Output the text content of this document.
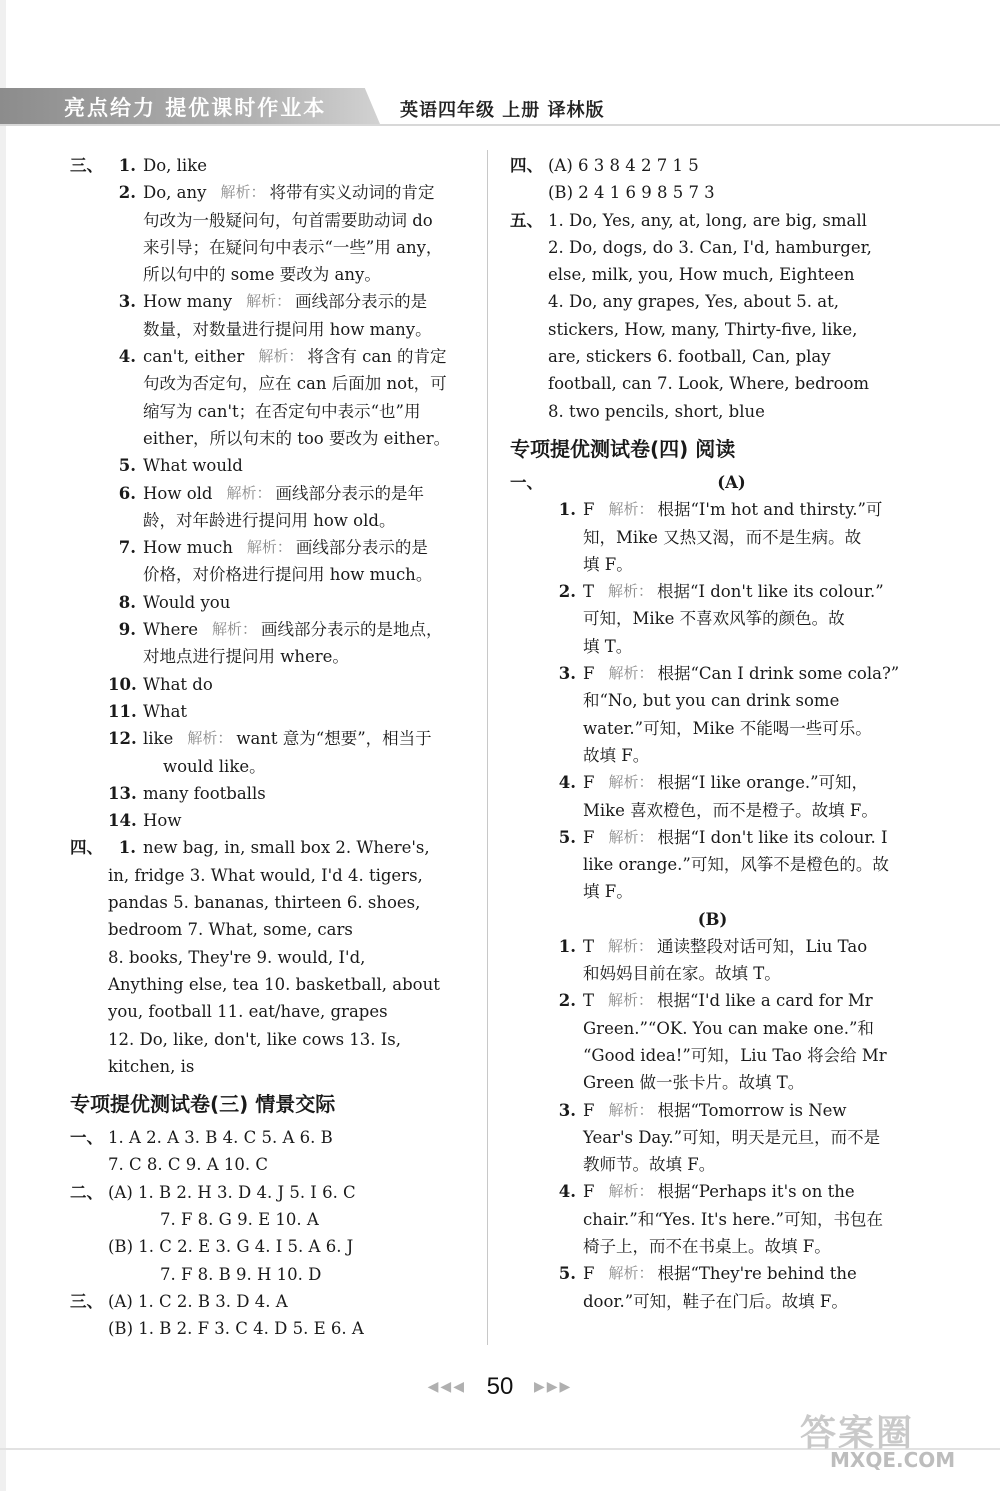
亮点给力 提优课时作业本	英语四年级 上册 译林版
三、 1. Do, like
2. Do, any 解析： 将带有实义动词的肯定
句改为一般疑问句，句首需要助动词 do
来引导；在疑问句中表示“一些”用 any，
所以句中的 some 要改为 any。
3. How many 解析： 画线部分表示的是
数量，对数量进行提问用 how many。
4. can't, either 解析： 将含有 can 的肯定
句改为否定句，应在 can 后面加 not，可
缩写为 can't；在否定句中表示“也”用
either，所以句末的 too 要改为 either。
5. What would
6. How old 解析： 画线部分表示的是年
龄，对年龄进行提问用 how old。
7. How much 解析： 画线部分表示的是
价格，对价格进行提问用 how much。
8. Would you
9. Where 解析： 画线部分表示的是地点，
对地点进行提问用 where。
10. What do
11. What
12. like 解析： want 意为“想要”，相当于
would like。
13. many footballs
14. How
四、 1. new bag, in, small box 2. Where's,
in, fridge 3. What would, I'd 4. tigers,
pandas 5. bananas, thirteen 6. shoes,
bedroom 7. What, some, cars
8. books, They're 9. would, I'd,
Anything else, tea 10. basketball, about
you, football 11. eat/have, grapes
12. Do, like, don't, like cows 13. Is,
kitchen, is
专项提优测试卷(三) 情景交际
一、 1. A 2. A 3. B 4. C 5. A 6. B
7. C 8. C 9. A 10. C
二、 (A) 1. B 2. H 3. D 4. J 5. I 6. C
7. F 8. G 9. E 10. A
(B) 1. C 2. E 3. G 4. I 5. A 6. J
7. F 8. B 9. H 10. D
三、 (A) 1. C 2. B 3. D 4. A
(B) 1. B 2. F 3. C 4. D 5. E 6. A
四、 (A) 6 3 8 4 2 7 1 5
(B) 2 4 1 6 9 8 5 7 3
五、 1. Do, Yes, any, at, long, are big, small
2. Do, dogs, do 3. Can, I'd, hamburger,
else, milk, you, How much, Eighteen
4. Do, any grapes, Yes, about 5. at,
stickers, How, many, Thirty-five, like,
are, stickers 6. football, Can, play
football, can 7. Look, Where, bedroom
8. two pencils, short, blue
专项提优测试卷(四) 阅读
一、	(A)
1. F 解析： 根据“I'm hot and thirsty.”可
知，Mike 又热又渴，而不是生病。故
填 F。
2. T 解析： 根据“I don't like its colour.”
可知，Mike 不喜欢风筝的颜色。故
填 T。
3. F 解析： 根据“Can I drink some cola?”
和“No, but you can drink some
water.”可知，Mike 不能喝一些可乐。
故填 F。
4. F 解析： 根据“I like orange.”可知，
Mike 喜欢橙色，而不是橙子。故填 F。
5. F 解析： 根据“I don't like its colour. I
like orange.”可知，风筝不是橙色的。故
填 F。
(B)
1. T 解析： 通读整段对话可知，Liu Tao
和妈妈目前在家。故填 T。
2. T 解析： 根据“I'd like a card for Mr
Green.”“OK. You can make one.”和
“Good idea!”可知，Liu Tao 将会给 Mr
Green 做一张卡片。故填 T。
3. F 解析： 根据“Tomorrow is New
Year's Day.”可知，明天是元旦，而不是
教师节。故填 F。
4. F 解析： 根据“Perhaps it's on the
chair.”和“Yes. It's here.”可知，书包在
椅子上，而不在书桌上。故填 F。
5. F 解析： 根据“They're behind the
door.”可知，鞋子在门后。故填 F。
◀◀◀ 50 ▶▶▶
答案圈
MXQE.COM
